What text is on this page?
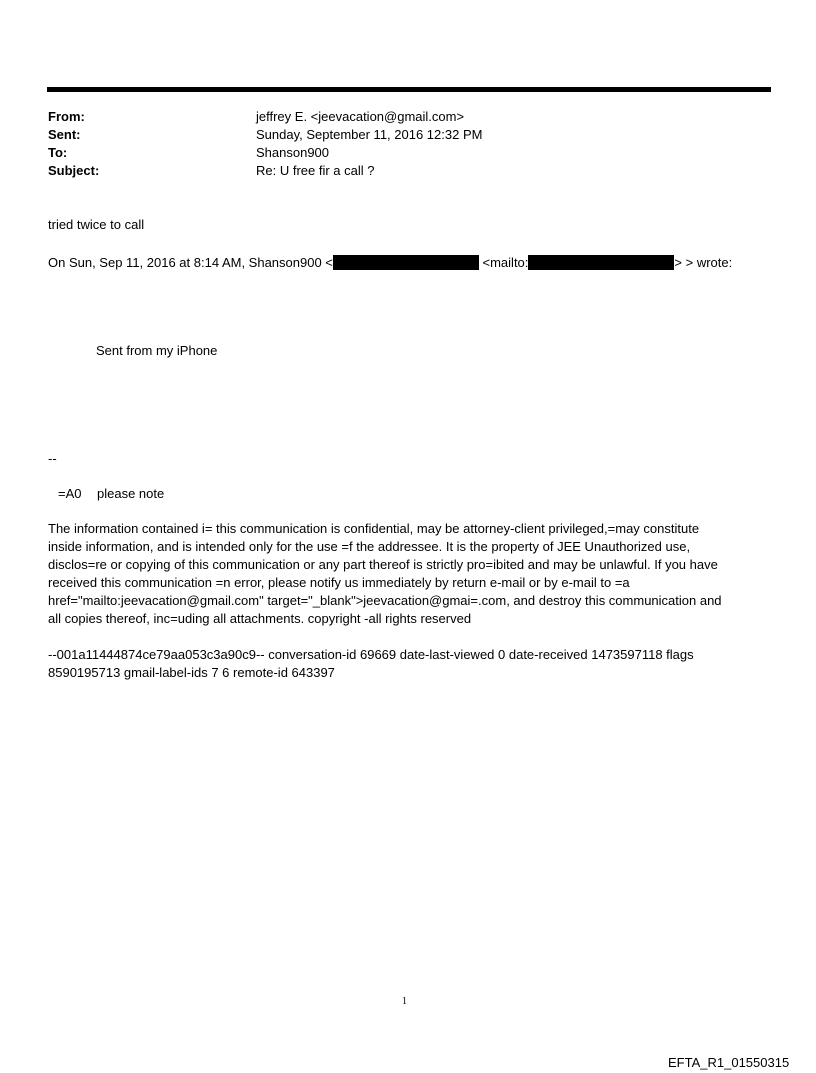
From:	jeffrey E. <jeevacation@gmail.com>
Sent:	Sunday, September 11, 2016 12:32 PM
To:	Shanson900
Subject:	Re: U free fir a call ?
tried twice to call
On Sun, Sep 11, 2016 at 8:14 AM, Shanson900 <	<mailto:	> > wrote:
Sent from my iPhone
--
=A0 please note
The information contained i= this communication is confidential, may be attorney-client privileged,=may constitute
inside information, and is intended only for the use =f the addressee. It is the property of JEE Unauthorized use,
disclos=re or copying of this communication or any part thereof is strictly pro=ibited and may be unlawful. If you have
received this communication =n error, please notify us immediately by return e-mail or by e-mail to =a
href="mailto:jeevacation@gmail.com" target="_blank">jeevacation@gmai=.com, and destroy this communication and
all copies thereof, inc=uding all attachments. copyright -all rights reserved
--001a11444874ce79aa053c3a90c9-- conversation-id 69669 date-last-viewed 0 date-received 1473597118 flags
8590195713 gmail-label-ids 7 6 remote-id 643397
1
EFTA_R1_01550315
